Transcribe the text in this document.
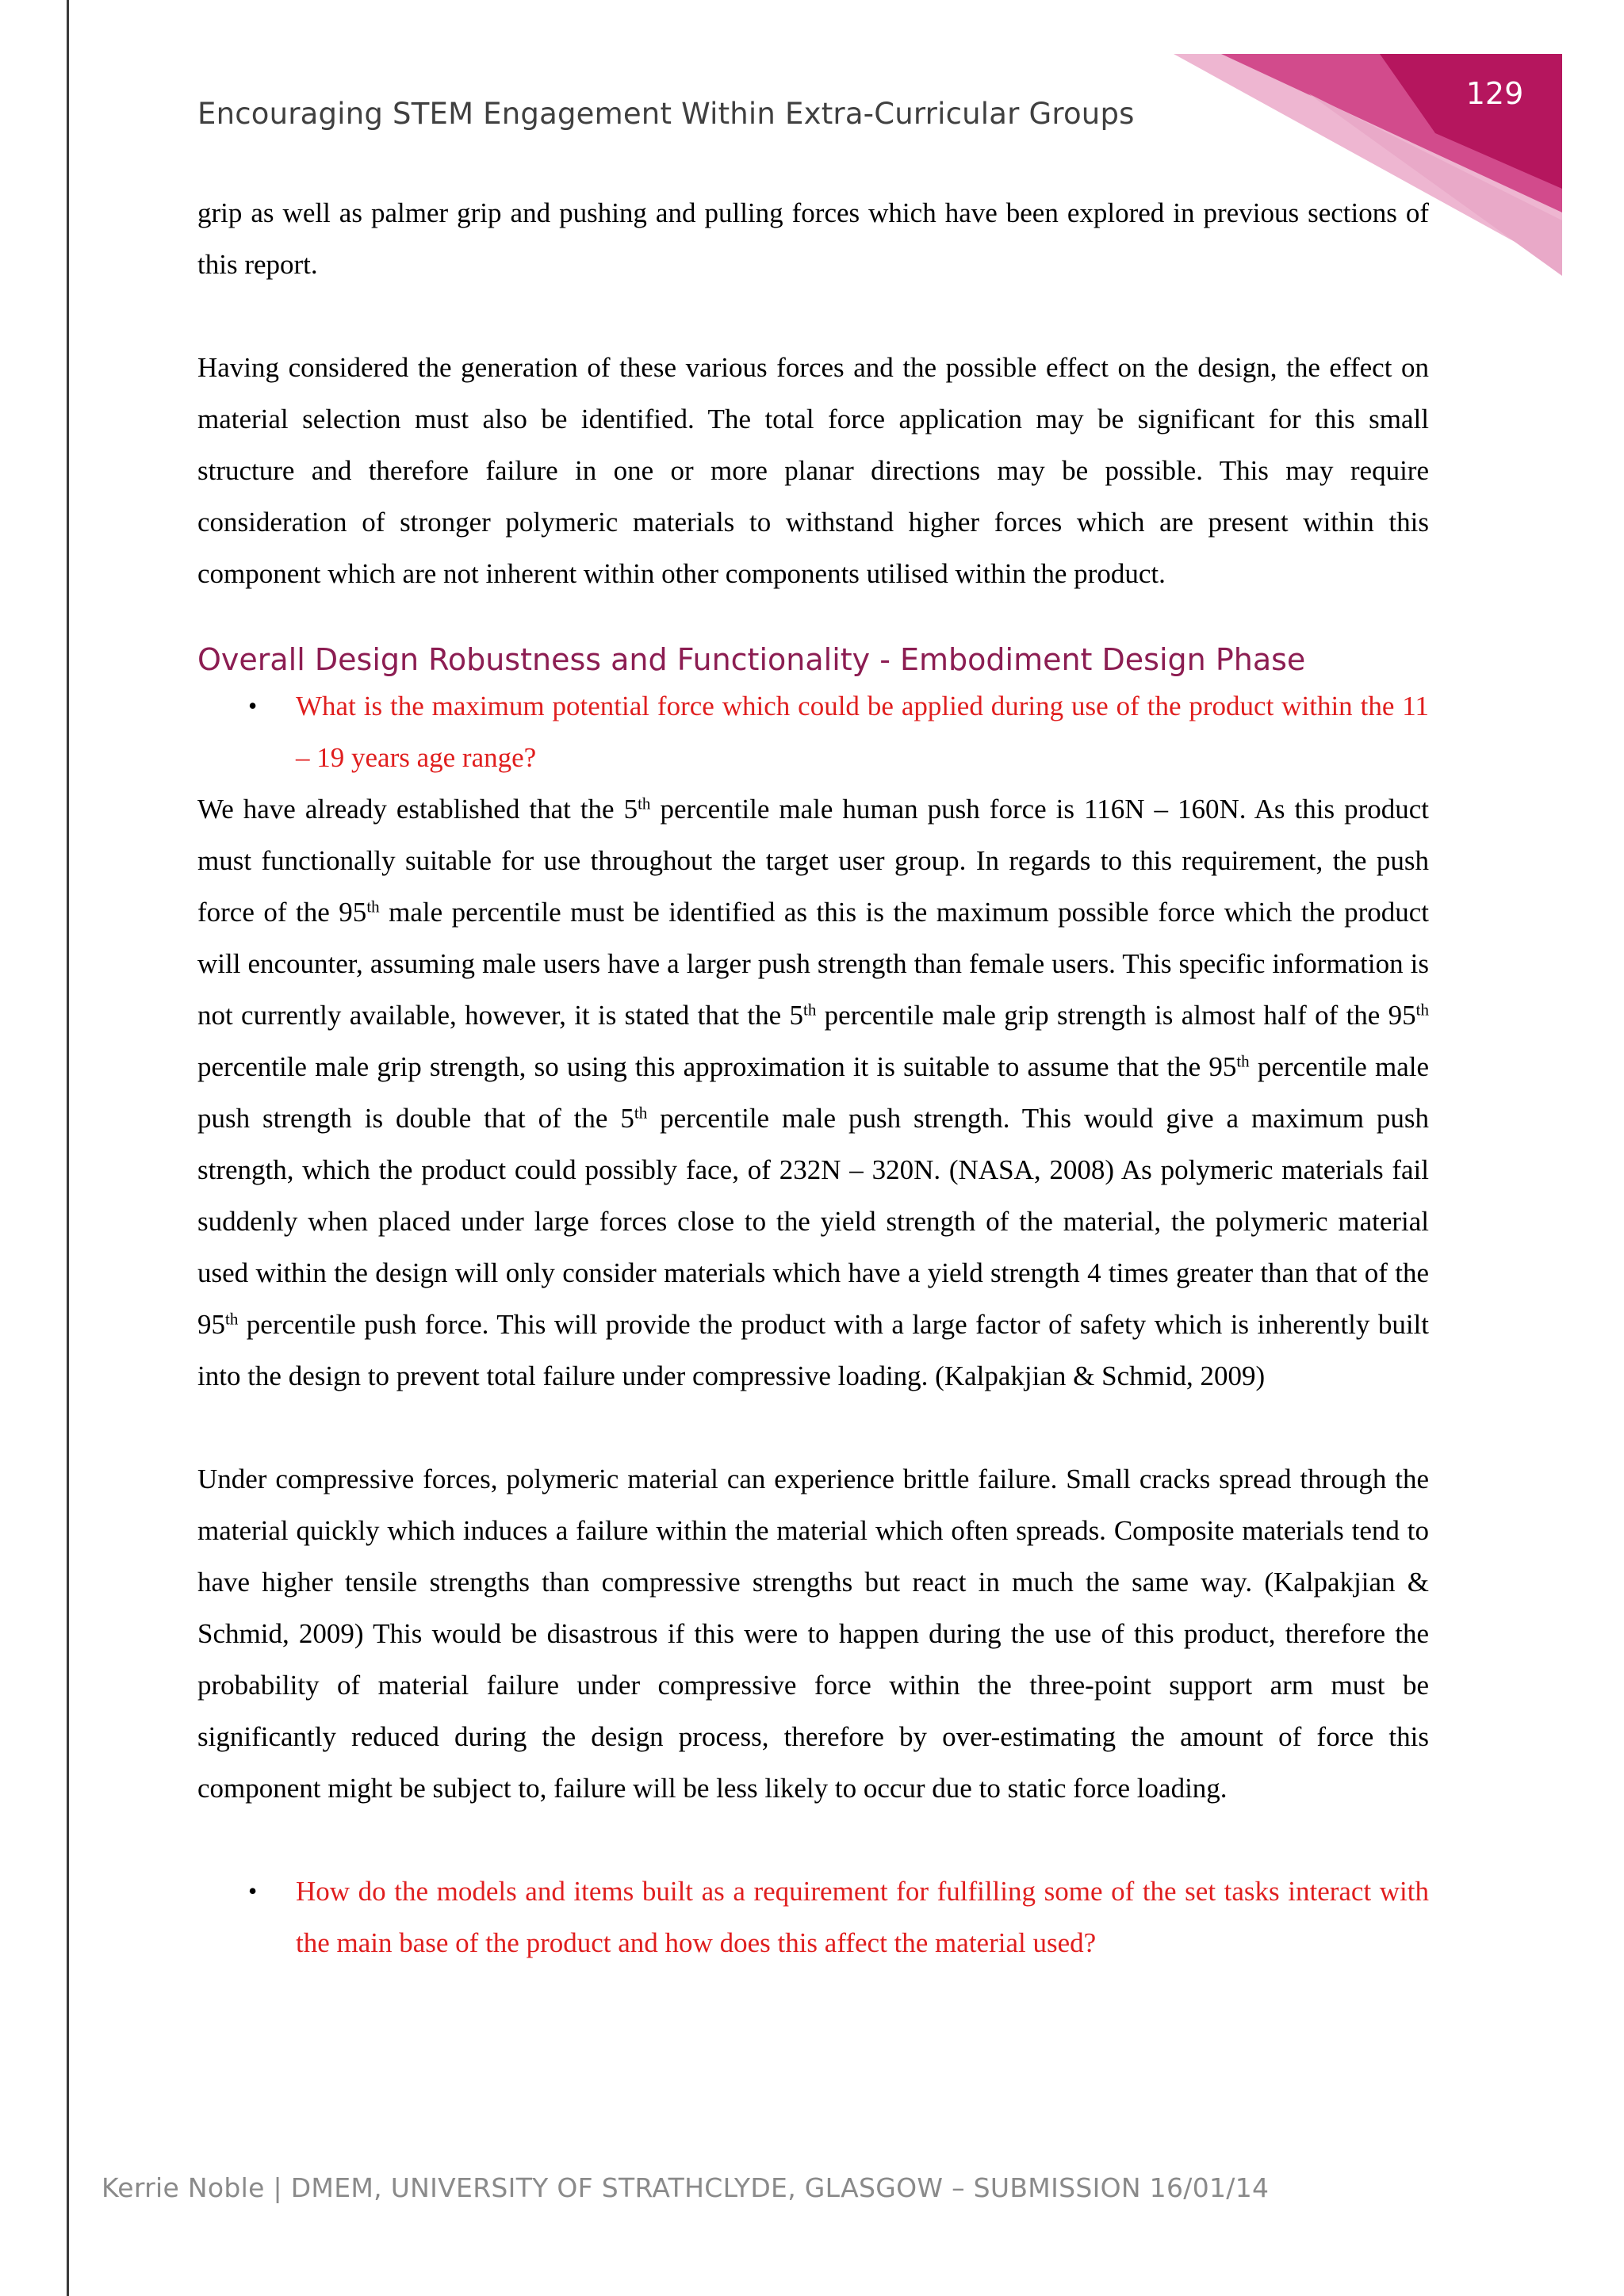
129
Encouraging STEM Engagement Within Extra-Curricular Groups

grip as well as palmer grip and pushing and pulling forces which have been explored in previous sections of this report.

Having considered the generation of these various forces and the possible effect on the design, the effect on material selection must also be identified. The total force application may be significant for this small structure and therefore failure in one or more planar directions may be possible. This may require consideration of stronger polymeric materials to withstand higher forces which are present within this component which are not inherent within other components utilised within the product.

Overall Design Robustness and Functionality - Embodiment Design Phase
• What is the maximum potential force which could be applied during use of the product within the 11 – 19 years age range?

We have already established that the 5th percentile male human push force is 116N – 160N. As this product must functionally suitable for use throughout the target user group. In regards to this requirement, the push force of the 95th male percentile must be identified as this is the maximum possible force which the product will encounter, assuming male users have a larger push strength than female users. This specific information is not currently available, however, it is stated that the 5th percentile male grip strength is almost half of the 95th percentile male grip strength, so using this approximation it is suitable to assume that the 95th percentile male push strength is double that of the 5th percentile male push strength. This would give a maximum push strength, which the product could possibly face, of 232N – 320N. (NASA, 2008) As polymeric materials fail suddenly when placed under large forces close to the yield strength of the material, the polymeric material used within the design will only consider materials which have a yield strength 4 times greater than that of the 95th percentile push force. This will provide the product with a large factor of safety which is inherently built into the design to prevent total failure under compressive loading. (Kalpakjian & Schmid, 2009)

Under compressive forces, polymeric material can experience brittle failure. Small cracks spread through the material quickly which induces a failure within the material which often spreads. Composite materials tend to have higher tensile strengths than compressive strengths but react in much the same way. (Kalpakjian & Schmid, 2009) This would be disastrous if this were to happen during the use of this product, therefore the probability of material failure under compressive force within the three-point support arm must be significantly reduced during the design process, therefore by over-estimating the amount of force this component might be subject to, failure will be less likely to occur due to static force loading.

• How do the models and items built as a requirement for fulfilling some of the set tasks interact with the main base of the product and how does this affect the material used?
Kerrie Noble | DMEM, UNIVERSITY OF STRATHCLYDE, GLASGOW – SUBMISSION 16/01/14
